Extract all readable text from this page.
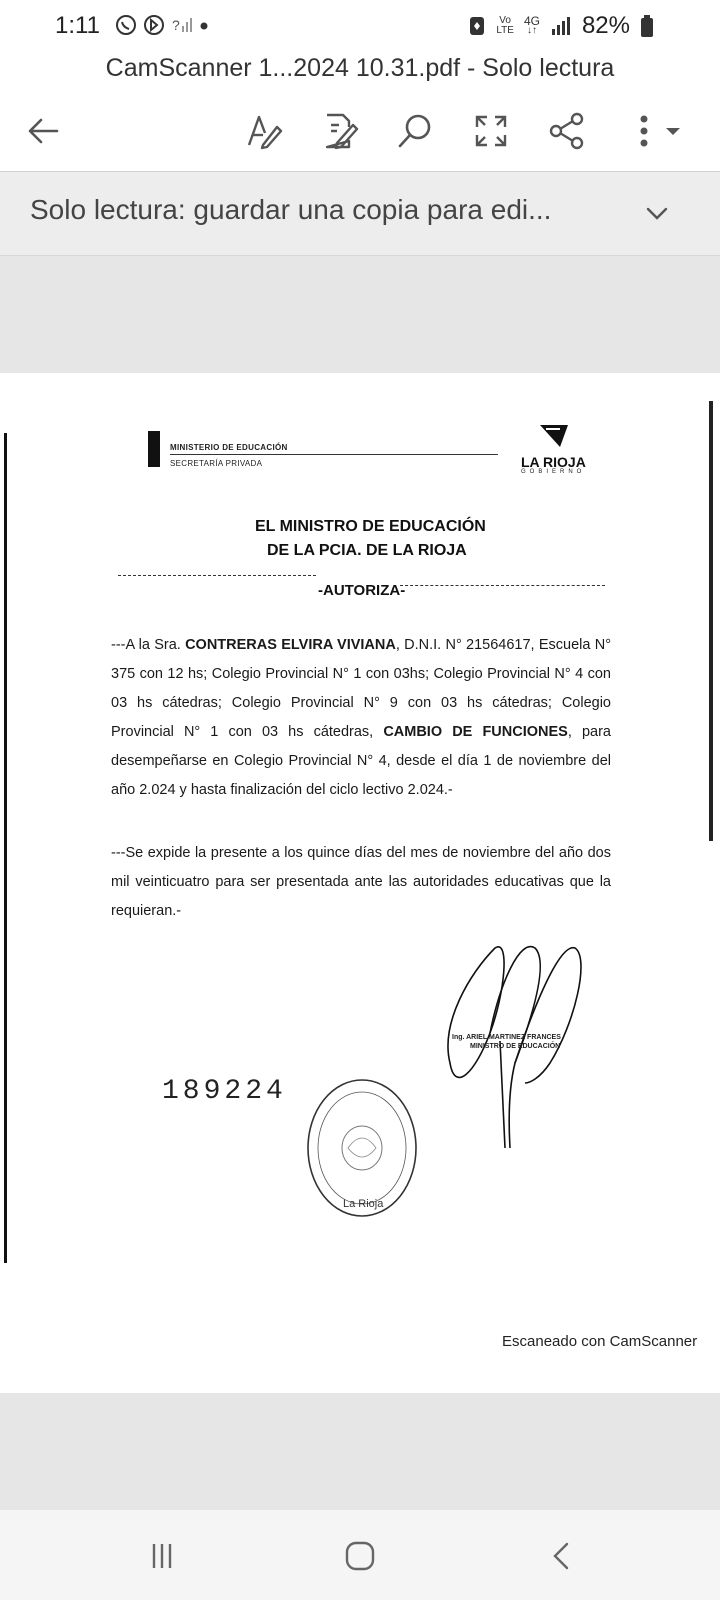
1:11	?	Vo
LTE
4G
↓↑ 82%
CamScanner 1...2024 10.31.pdf - Solo lectura
Solo lectura: guardar una copia para edi...
MINISTERIO DE EDUCACIÓN
SECRETARÍA PRIVADA	LA RIOJA
GOBIERNO
EL MINISTRO DE EDUCACIÓN
DE LA PCIA. DE LA RIOJA
-AUTORIZA-
---A la Sra. CONTRERAS ELVIRA VIVIANA, D.N.I. N° 21564617, Escuela N° 375 con 12 hs; Colegio Provincial N° 1 con 03hs; Colegio Provincial N° 4 con 03 hs cátedras; Colegio Provincial N° 9 con 03 hs cátedras; Colegio Provincial N° 1 con 03 hs cátedras, CAMBIO DE FUNCIONES, para desempeñarse en Colegio Provincial N° 4, desde el día 1 de noviembre del año 2.024 y hasta finalización del ciclo lectivo 2.024.-
---Se expide la presente a los quince días del mes de noviembre del año dos mil veinticuatro para ser presentada ante las autoridades educativas que la requieran.-
189224
La Rioja
Ing. ARIEL MARTINEZ FRANCES
MINISTRO DE EDUCACIÓN
Escaneado con CamScanner
